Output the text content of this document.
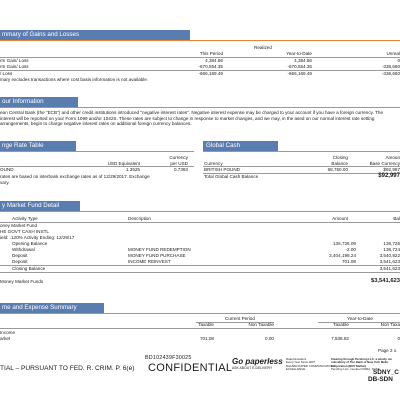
mmary of Gains and Losses
Realized
This Period	Year-to-Date	Unreal
rm Gain/ Loss	4,384.86	4,384.86	0
rm Gain/ Loss	-670,554.35	-670,554.35	-336,660
/ Loss	-666,169.49	-666,169.49	-336,660
mary excludes transactions where cost basis information is not available.
our Information
ean Central Bank (the "ECB") and other credit institutions introduced "negative interest rates". Negative interest expense may be charged to your account if you have a foreign currency. The interest will be reported on your Form 1099 and/or 1042S. These rates are subject to change in response to market changes, and we may, in the ased on our normal interest rate setting arrangements, begin to charge negative interest rates on additional foreign currency balances.
nge Rate Table
Currency
USD Equivalent	per USD
OUND	1.3525	0.7393
rates are based on interbank exchange rates as of 12/29/2017. Exchange
vary.
Global Cash
Closing	Amoun
Currency	Balance	Base Currency
BRITISH POUND	68,760.00	$92,997
Total Global Cash Balance	$92,997
y Market Fund Detail
Activity Type	Description	Amount	Bal
oney Market Fund
HE GOVT CASH INSTL
ield: .120% Activity Ending: 12/29/17
Opening Balance	136,726.09	136,726
Withdrawal	MONEY FUND REDEMPTION	-2.00	136,724
Deposit	MONEY FUND PURCHASE	3,404,198.24	3,540,922
Deposit	INCOME REINVEST	701.08	3,541,623
Closing Balance	3,541,623
Money Market Funds	$3,541,623
me and Expense Summary
Current Period	Year-to-Date
Taxable	Non Taxable	Taxable	Non Taxa
Income
arket	701.08	0.00	7,538.82	0
Page 2 o
BD102439F30025
TIAL – PURSUANT TO FED. R. CRIM. P. 6(e) CONFIDENTIAL
Go paperless
ASK ABOUT E-DELIVERY
Rated Excellent
Every Year Since 2007
DALBAR RATED COMMUNICATIONS
EXCELLENCE
Clearing through Pershing LLC, a wholly ow
subsidiary of The Bank of New York Mello
Corporation (BNY Mellon)
Pershing LLC, member FINRA, NYSE
SDNY_C
DB-SDN
